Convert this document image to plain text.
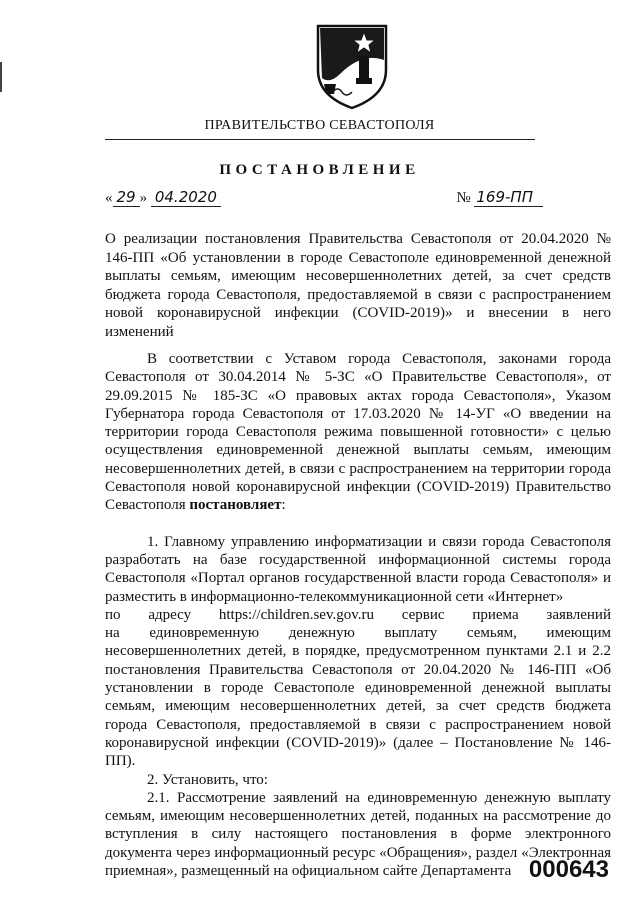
ПРАВИТЕЛЬСТВО СЕВАСТОПОЛЯ
ПОСТАНОВЛЕНИЕ
« 29 » 04.2020	№ 169-ПП
О реализации постановления Правительства Севастополя от 20.04.2020 № 146-ПП «Об установлении в городе Севастополе единовременной денежной выплаты семьям, имеющим несовершеннолетних детей, за счет средств бюджета города Севастополя, предоставляемой в связи с распространением новой коронавирусной инфекции (COVID-2019)» и внесении в него изменений

В соответствии с Уставом города Севастополя, законами города Севастополя от 30.04.2014 № 5-ЗС «О Правительстве Севастополя», от 29.09.2015 № 185-ЗС «О правовых актах города Севастополя», Указом Губернатора города Севастополя от 17.03.2020 № 14-УГ «О введении на территории города Севастополя режима повышенной готовности» с целью осуществления единовременной денежной выплаты семьям, имеющим несовершеннолетних детей, в связи с распространением на территории города Севастополя новой коронавирусной инфекции (COVID-2019) Правительство Севастополя постановляет:

1. Главному управлению информатизации и связи города Севастополя разработать на базе государственной информационной системы города Севастополя «Портал органов государственной власти города Севастополя» и разместить в информационно-телекоммуникационной сети «Интернет»

по адресу https://children.sev.gov.ru сервис приема заявлений

на единовременную денежную выплату семьям, имеющим несовершеннолетних детей, в порядке, предусмотренном пунктами 2.1 и 2.2 постановления Правительства Севастополя от 20.04.2020 № 146-ПП «Об установлении в городе Севастополе единовременной денежной выплаты семьям, имеющим несовершеннолетних детей, за счет средств бюджета города Севастополя, предоставляемой в связи с распространением новой коронавирусной инфекции (COVID-2019)» (далее – Постановление № 146-ПП).

2. Установить, что:

2.1. Рассмотрение заявлений на единовременную денежную выплату семьям, имеющим несовершеннолетних детей, поданных на рассмотрение до вступления в силу настоящего постановления в форме электронного документа через информационный ресурс «Обращения», раздел «Электронная приемная», размещенный на официальном сайте Департамента 000643
